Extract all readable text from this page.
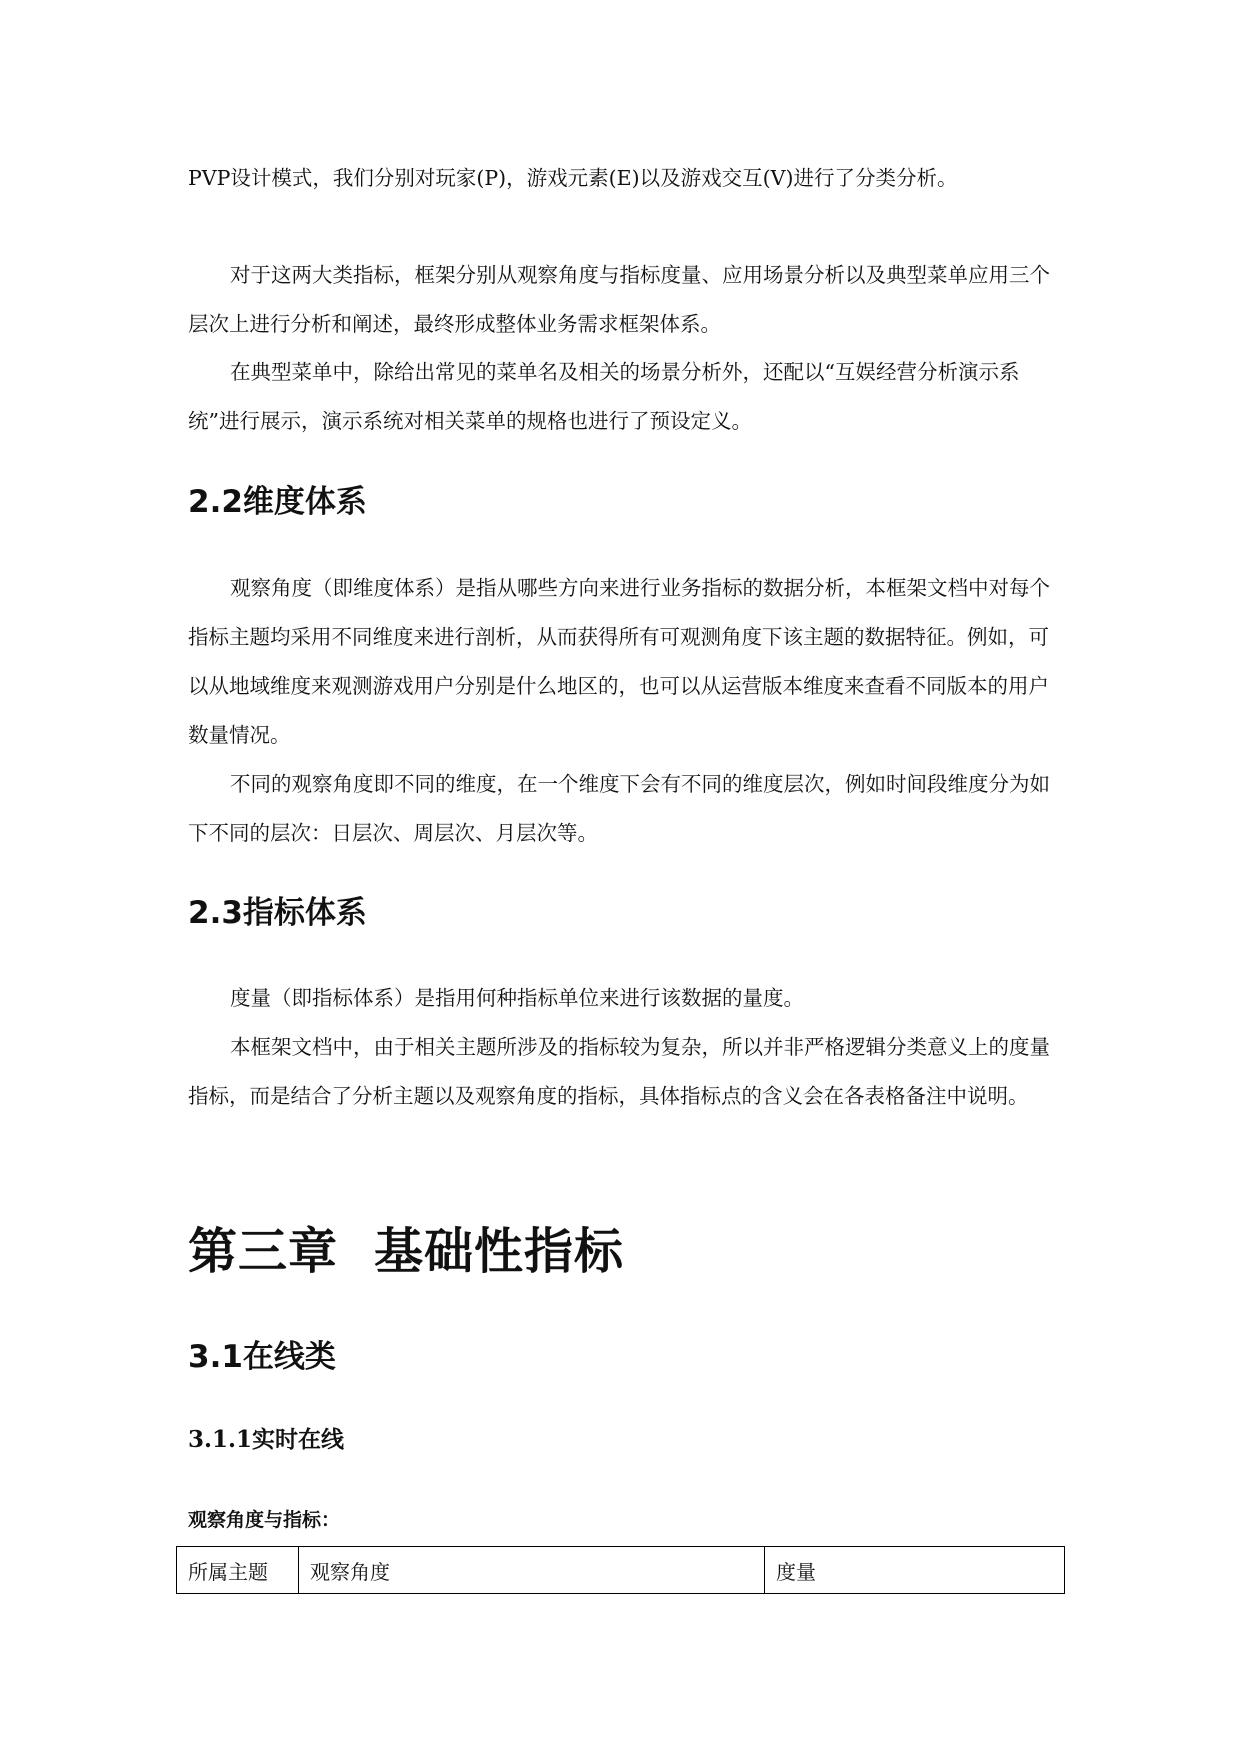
PVP设计模式，我们分别对玩家(P)，游戏元素(E)以及游戏交互(V)进行了分类分析。

对于这两大类指标，框架分别从观察角度与指标度量、应用场景分析以及典型菜单应用三个层次上进行分析和阐述，最终形成整体业务需求框架体系。

在典型菜单中，除给出常见的菜单名及相关的场景分析外，还配以“互娱经营分析演示系统”进行展示，演示系统对相关菜单的规格也进行了预设定义。

2.2维度体系

观察角度（即维度体系）是指从哪些方向来进行业务指标的数据分析，本框架文档中对每个指标主题均采用不同维度来进行剖析，从而获得所有可观测角度下该主题的数据特征。例如，可以从地域维度来观测游戏用户分别是什么地区的，也可以从运营版本维度来查看不同版本的用户数量情况。

不同的观察角度即不同的维度，在一个维度下会有不同的维度层次，例如时间段维度分为如下不同的层次：日层次、周层次、月层次等。

2.3指标体系

度量（即指标体系）是指用何种指标单位来进行该数据的量度。

本框架文档中，由于相关主题所涉及的指标较为复杂，所以并非严格逻辑分类意义上的度量指标，而是结合了分析主题以及观察角度的指标，具体指标点的含义会在各表格备注中说明。

第三章 基础性指标
3.1在线类
3.1.1实时在线
观察角度与指标：
所属主题	观察角度	度量
